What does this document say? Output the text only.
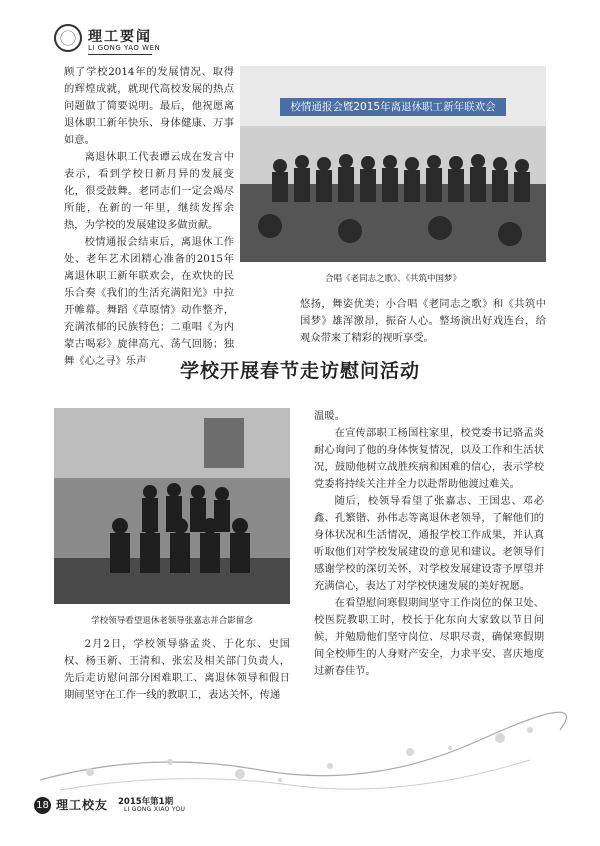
理工要闻
LI GONG YAO WEN

顾了学校2014年的发展情况、取得的辉煌成就，就现代高校发展的热点问题做了简要说明。最后，他祝愿离退休职工新年快乐、身体健康、万事如意。

离退休职工代表谭云成在发言中表示，看到学校日新月异的发展变化，很受鼓舞。老同志们一定会竭尽所能，在新的一年里，继续发挥余热，为学校的发展建设多做贡献。

校情通报会结束后，离退休工作处、老年艺术团精心准备的2015年离退休职工新年联欢会，在欢快的民乐合奏《我们的生活充满阳光》中拉开帷幕。舞蹈《草原情》动作整齐，充满浓郁的民族特色；二重唱《为内蒙古喝彩》旋律高亢、荡气回肠；独舞《心之寻》乐声

校情通报会暨2015年离退休职工新年联欢会
合唱《老同志之歌》、《共筑中国梦》

悠扬，舞姿优美；小合唱《老同志之歌》和《共筑中国梦》雄浑激昂，振奋人心。整场演出好戏连台，给观众带来了精彩的视听享受。

学校开展春节走访慰问活动
学校领导看望退休老领导张嘉志并合影留念

2月2日，学校领导骆孟炎、于化东、史国权、杨玉新、王清和、张宏及相关部门负责人，先后走访慰问部分困难职工、离退休领导和假日期间坚守在工作一线的教职工，表达关怀，传递

温暖。

在宣传部职工杨国柱家里，校党委书记骆孟炎耐心询问了他的身体恢复情况，以及工作和生活状况，鼓励他树立战胜疾病和困难的信心，表示学校党委将持续关注并全力以赴帮助他渡过难关。

随后，校领导看望了张嘉志、王国忠、邓必鑫、孔繁锴、孙伟志等离退休老领导，了解他们的身体状况和生活情况，通报学校工作成果，并认真听取他们对学校发展建设的意见和建议。老领导们感谢学校的深切关怀，对学校发展建设寄予厚望并充满信心，表达了对学校快速发展的美好祝愿。

在看望慰问寒假期间坚守工作岗位的保卫处、校医院教职工时，校长于化东向大家致以节日问候，并勉励他们坚守岗位、尽职尽责，确保寒假期间全校师生的人身财产安全，力求平安、喜庆地度过新春佳节。

18 理工校友 2015年第1期
LI GONG XIAO YOU
